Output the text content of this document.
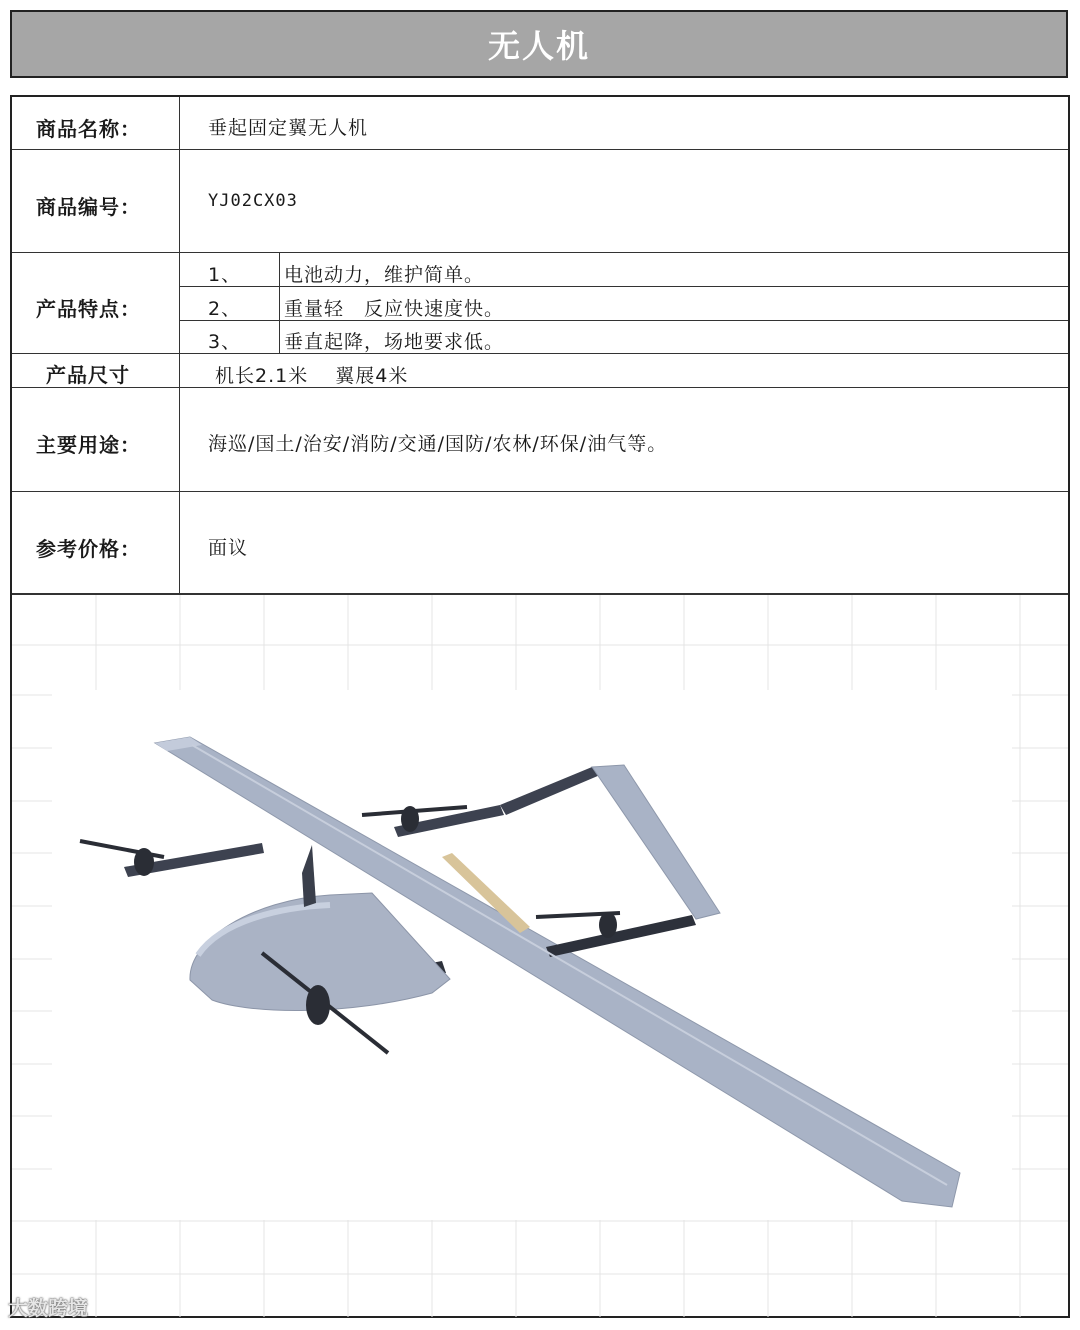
无人机
商品名称：	垂起固定翼无人机
商品编号：	YJ02CX03
产品特点：
1、 电池动力，维护简单。
2、 重量轻　反应快速度快。
3、 垂直起降，场地要求低。
产品尺寸	机长2.1米　 翼展4米
主要用途：	海巡/国土/治安/消防/交通/国防/农林/环保/油气等。
参考价格：	面议
大数跨境
